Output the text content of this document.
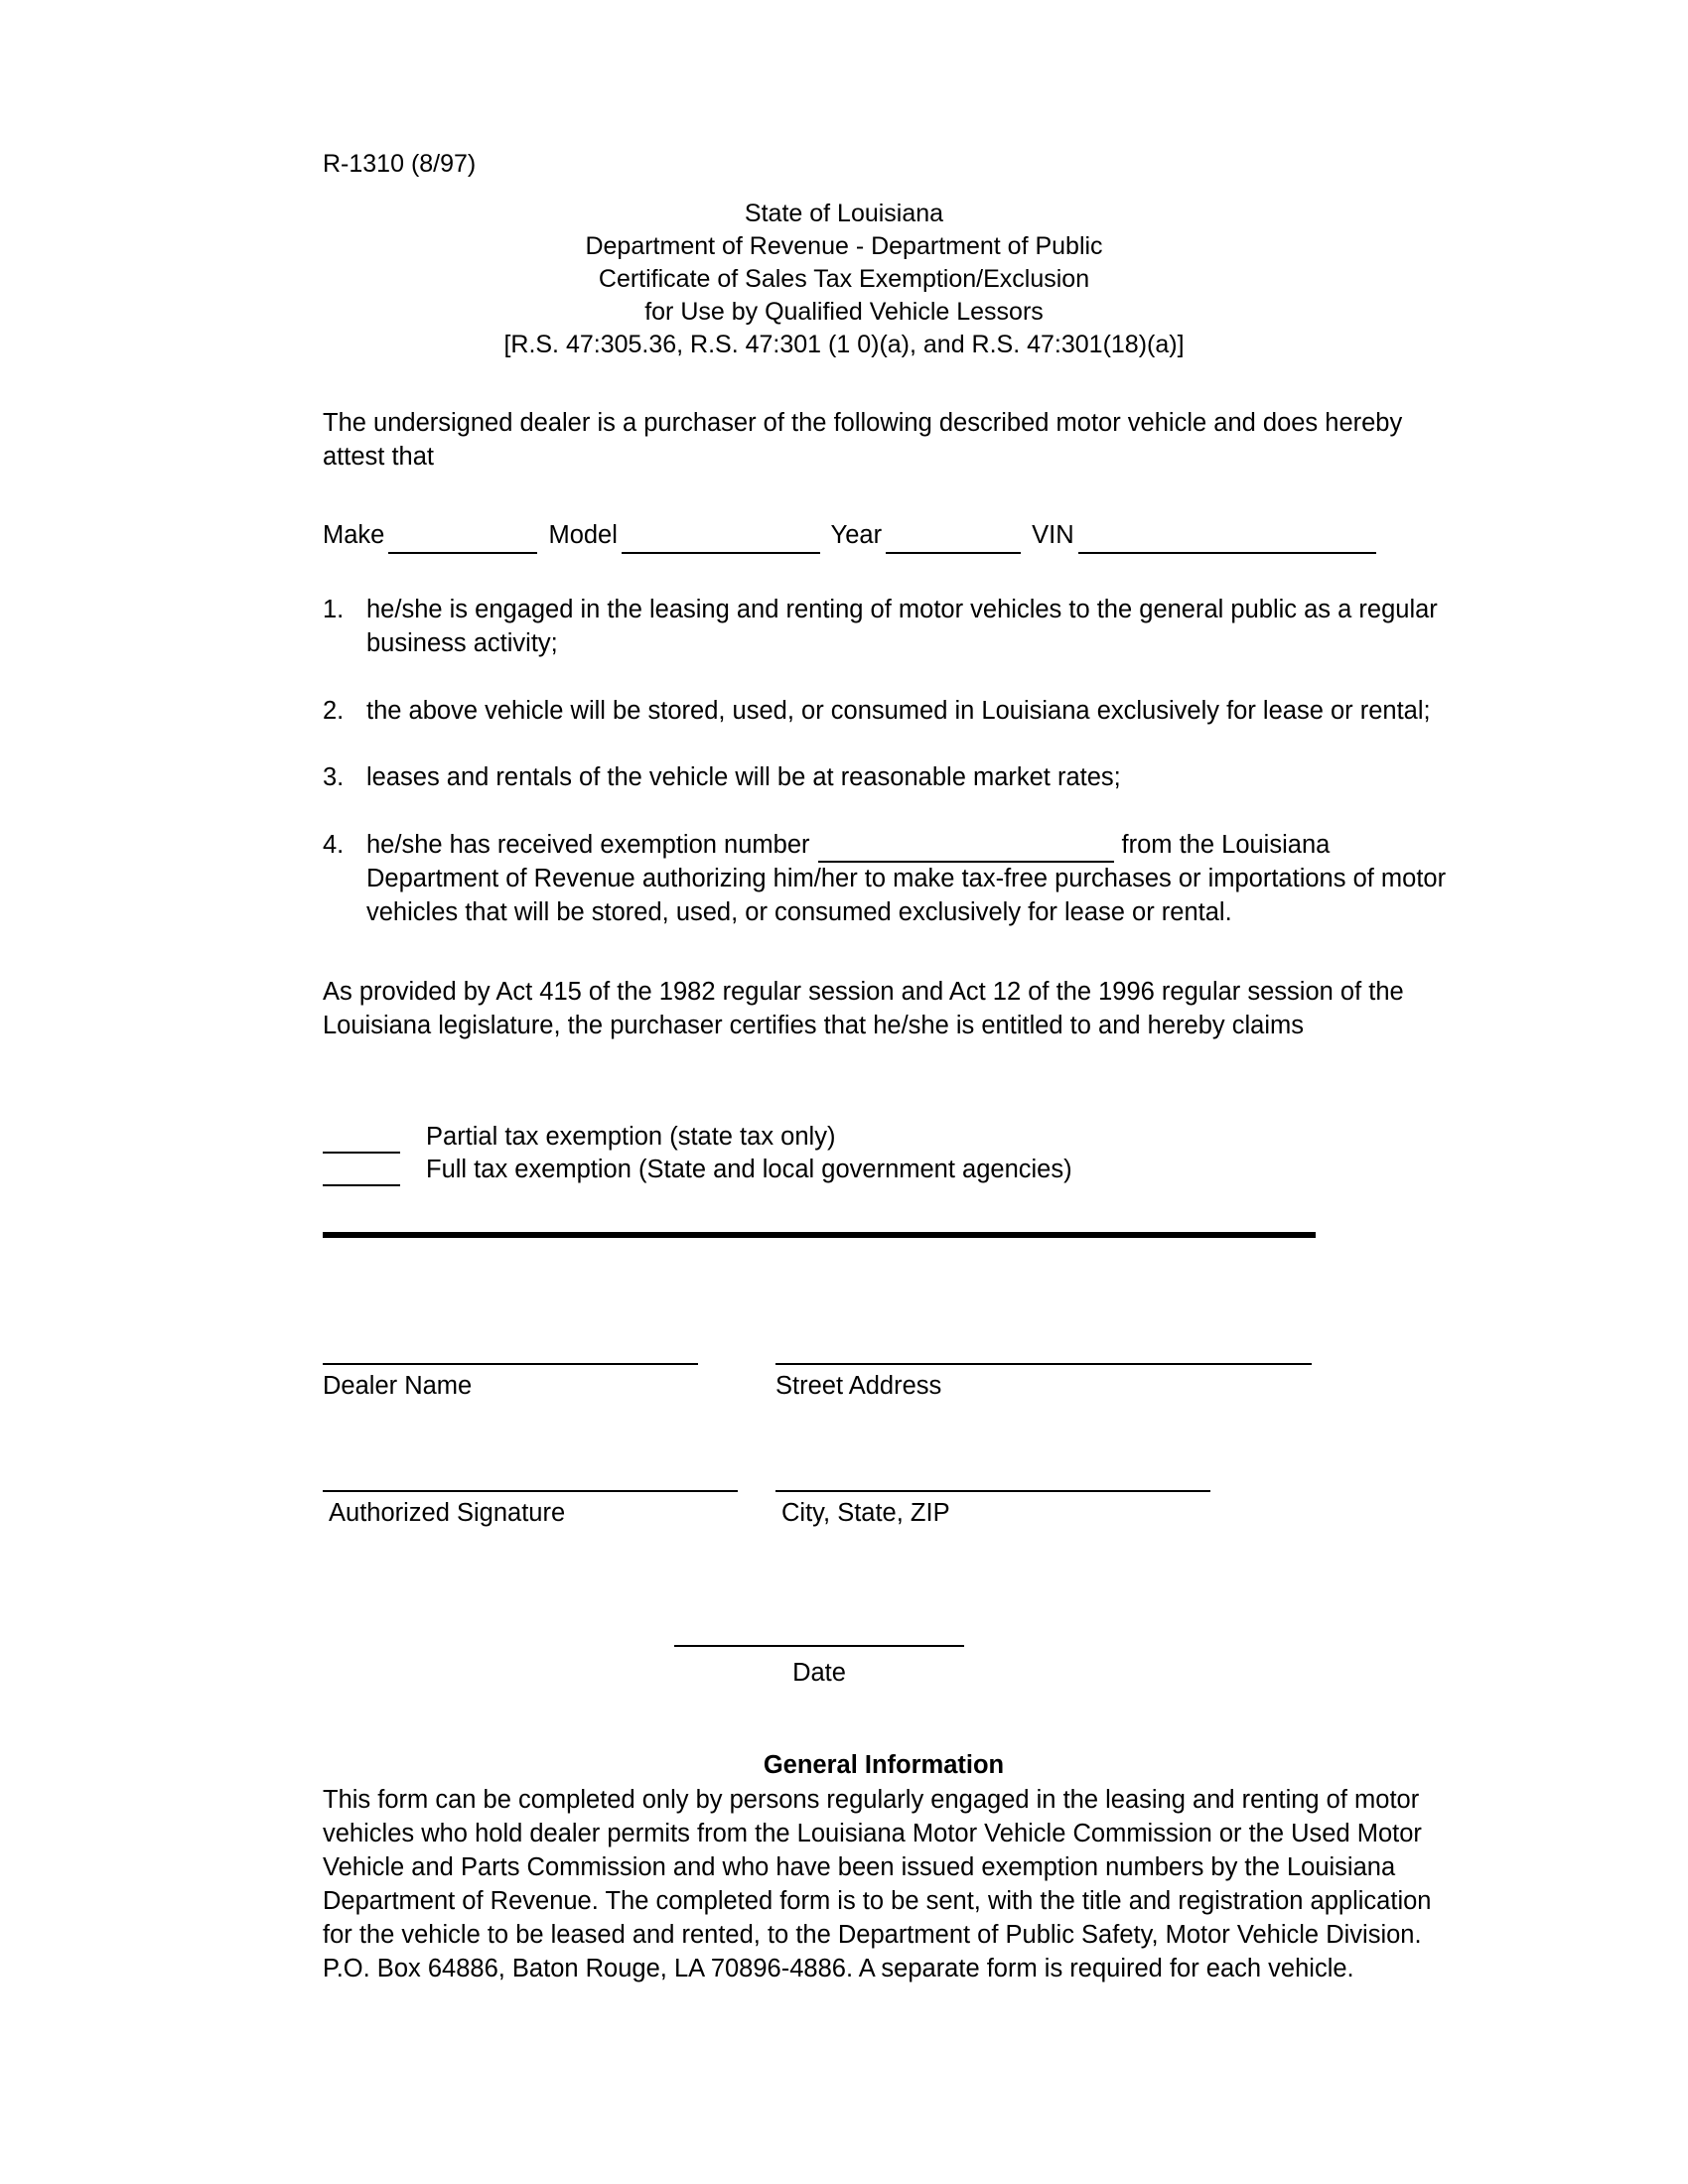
R-1310 (8/97)
State of Louisiana
Department of Revenue - Department of Public
Certificate of Sales Tax Exemption/Exclusion
for Use by Qualified Vehicle Lessors
[R.S. 47:305.36, R.S. 47:301 (1 0)(a), and R.S. 47:301(18)(a)]
The undersigned dealer is a purchaser of the following described motor vehicle and does hereby attest that
Make	Model	Year	VIN
1. he/she is engaged in the leasing and renting of motor vehicles to the general public as a regular business activity;
2. the above vehicle will be stored, used, or consumed in Louisiana exclusively for lease or rental;
3. leases and rentals of the vehicle will be at reasonable market rates;
4. he/she has received exemption number	from the Louisiana Department of Revenue authorizing him/her to make tax-free purchases or importations of motor vehicles that will be stored, used, or consumed exclusively for lease or rental.
As provided by Act 415 of the 1982 regular session and Act 12 of the 1996 regular session of the Louisiana legislature, the purchaser certifies that he/she is entitled to and hereby claims
Partial tax exemption (state tax only)
Full tax exemption (State and local government agencies)
Dealer Name	Street Address
Authorized Signature	City, State, ZIP
Date
General Information
This form can be completed only by persons regularly engaged in the leasing and renting of motor vehicles who hold dealer permits from the Louisiana Motor Vehicle Commission or the Used Motor Vehicle and Parts Commission and who have been issued exemption numbers by the Louisiana Department of Revenue. The completed form is to be sent, with the title and registration application for the vehicle to be leased and rented, to the Department of Public Safety, Motor Vehicle Division. P.O. Box 64886, Baton Rouge, LA 70896-4886. A separate form is required for each vehicle.
